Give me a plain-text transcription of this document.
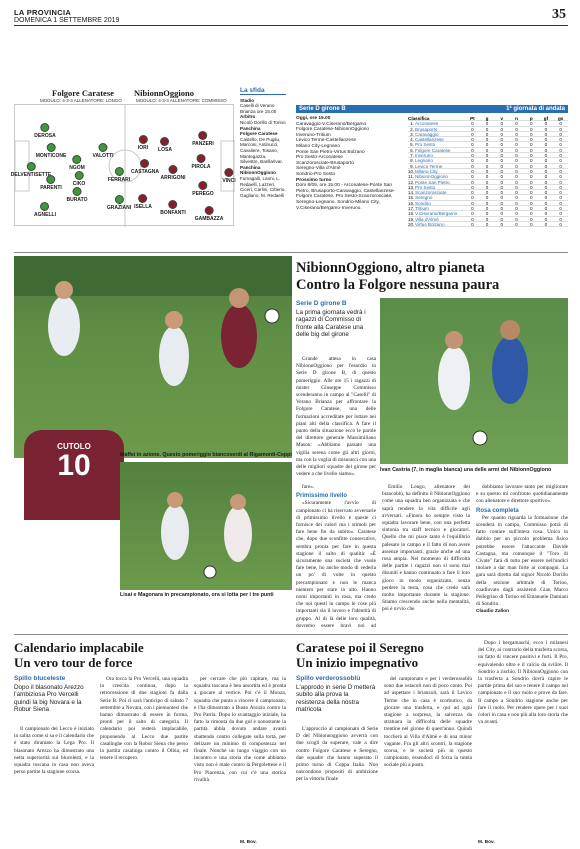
LA PROVINCIA
DOMENICA 1 SETTEMBRE 2019	35
Folgore Caratese NibionnOggiono
MODULO: 4-3-3 ALLENATORE: LONGO	MODULO: 4-3-3 ALLENATORE: COMMISSO
DEROSA
MONTICONE
NGOM
DELVENTISETTE
CIKO
PARENTI
BURATO
AGNELLI
VALOTTI
FERRARI
GRAZIANI
IORI LOSA
PANZERI
CASTAGNA
PIROLA
ARRIGONI	VINCI
PEREGO
ISELLA
BONFANTI
GAMBAZZA
La sfida
Stadio
Caselli di Verano Brianza ore 15.00
Arbitro
Nicolò Dorillo di Torino
Panchina
Folgore Caratese
Castello, De Pugliu, Marconi, Antinucci, Cavaliere, Tosano, Mantegazza, Silvestre, Barilla/Ivar.
Panchina
NibionnOggiono
Fumagalli, Lanni, L. Redaelli, Lazzeri, Ciceri, Carlini, Citterio, Gagliano, M. Redaelli
1ª giornata di andata
Serie D girone B
Oggi, ore 15.00
Caravaggio-V.Ciserano/Bergamo
Folgore Caratese-NibionnOggiono
Inveruno-Tritium
Levico Terme-Castellanzese
Milano City-Legnano
Ponte San Pietro-Virtus Bolzano
Pro Sesto-Arconatese
Scanzorosciate-Brusaporto
Seregno-Villa d'Almè
Sondrio-Pro Sesto
Prossimo turno
Dom 8/09, ore 15.00 - Arconatese-Ponte San Pietro, Brusaporto-Caravaggio, Castellanzese-Folgore Caratese, Pro Sesto-Scanzorosciate, Seregno-Legnano, Sondrio-Milano City, V.Ciserano/Bergamo-Inveruno.
Classifica	Pt	g	v	n	p	gf	gs
1. Arconatese	0	0	0	0	0	0	0
2. Brusaporto	0	0	0	0	0	0	0
3. Caravaggio	0	0	0	0	0	0	0
4. Castellanzese	0	0	0	0	0	0	0
5. Pro Sesto	0	0	0	0	0	0	0
6. Folgore Caratese	0	0	0	0	0	0	0
7. Inveruno	0	0	0	0	0	0	0
8. Legnano	0	0	0	0	0	0	0
9. Levico Terme	0	0	0	0	0	0	0
10. Milano City	0	0	0	0	0	0	0
11. NibionnOggiono	0	0	0	0	0	0	0
12. Ponte San Pietro	0	0	0	0	0	0	0
13. Pro Sesto	0	0	0	0	0	0	0
14. Scanzorosciate	0	0	0	0	0	0	0
15. Seregno	0	0	0	0	0	0	0
16. Sondrio	0	0	0	0	0	0	0
17. Tritium	0	0	0	0	0	0	0
18. V.Ciserano/Bergamo	0	0	0	0	0	0	0
19. Villa d'Almè	0	0	0	0	0	0	0
20. Virtus Bolzano	0	0	0	0	0	0	0
CUTOLO
10	Maffei in azione. Questo pomeriggio biancoverdi al Rigamonti-Ceppi
Lisai e Magonara in precampionato, ora si lotta per i tre punti
NibionnOggiono, altro pianeta
Contro la Folgore nessuna paura
Serie D girone B
La prima giornata vedrà i ragazzi di Commisso di fronte alla Caratese una delle big del girone
Ivan Castria (7, in maglia bianca) una delle armi del NibionnOggiono

Grande attesa in casa NibionnOggiono per l'esordio in Serie D girone B, di questo pomeriggio. Alle ore 15 i ragazzi di mister Giuseppe Commisso scenderanno in campo al "Caselli" di Verano Brianza per affrontare la Folgore Caratese, una delle formazioni accreditate per lottare nei piani alti della classifica. A fare il punto della situazione ecco le parole del direttore generale Massimiliano Mason: «Abbiamo passato una vigilia serena come gli altri giorni, ma con la voglia di misurarci con una delle migliori squadre del girone per vedere a che livello siamo».

fare».

Primissimo livello

«Sicuramente l'avvio di campionato ci ha riservato avversarie di primissimo livello e queste ci fornisce dei valori ma i stimoli per fare bene fin da subito». Caratese che, dopo due sconfitte consecutive, sembra pronta per fare in questa stagione il salto di qualità: «È sicuramente una società che vuole fare bene, ho anche modo di vederla un po' di volte in questo precampionato e non le manca nientem per stare in alto. Hanno nomi importanti in rosa, ma credo che noi questi in campo le cose più importanti sia il lavoro e l'identità di gruppo. Al di là delle loro qualità, dovremo essere bravi noi ad

Emilio Longo, allenatore dei biancoblù, ha definito il NibionnOggiono come una squadra ben organizzata e che saprà rendere la vita difficile agli avversari. «Finora ho sempre visto la squadra lavorare bene, con una perfetta sintonia tra staff tecnico e giocatori. Quello che mi piace tanto è l'equilibrio palesato in campo e il fatto di non avere assenze importanti, grazie anche ad una rosa ampia. Nel momento di difficoltà delle partite i ragazzi non si sono mai disuniti e hanno continuato a fare il loro gioco in modo organizzato, senza perdere la testa, cosa che credo sarà molto importante durante la stagione. Stiamo crescendo anche nella mentalità, poi è ovvio che

dobbiamo lavorare tanto per migliorare e su questo mi confronto quotidianamente con allenatore e direttore sportivo».

Rosa completa

Per quanto riguarda la formazione che scenderà in campo, Commisso potrà di fatto contare sull'intera rosa. Unico in dubbio per un piccolo problema fisico potrebbe essere l'attaccante Davide Castagna, ma comunque il "Toro di Civate" farà di tutto per essere nell'undici titolare a dar man forte ai compagni. La gara sarà diretta dal signor Nicolò Dorillo della sezione arbitrale di Torino, coadiuvato dagli assistenti Gian Marco Pellegrino di Torino ed Emanuele Damiani di Sondrio.

Claudio Zallon
Calendario implacabile
Un vero tour de force
Spillo bluceleste
Dopo il blasonato Arezzo l'ambiziosa Pro Vercelli quindi la big Novara e la Robur Siena

Il campionato del Lecco è iniziato in salita come si sa e il calendario che è stato diramato la Lega Pro. Il blasonato Arezzo ha dimostrato una netta superiorità sui blucelesti, e la squadra toscana in casa non aveva perso partite la stagione scorsa.

Ora tocca la Pro Vercelli, una squadra in crescita continua, dopo la retrocessione di due stagioni fa dalla Serie B. Poi ci sarà l'anticipo di sabato 7 settembre a Novara, con i piemontesi che hanno dimostrato di essere in forma, pronti per il salto di categoria. Il calendario poi resterà implacabile, proponendo al Lecco due partite casalinghe con la Robur Siena che perso la partita casalinga contro il Olbia, ed tenere il recupero.

per cercare che più capitare, ma la squadra toscana è ben assortita ed è pronta a giocare al vertice. Poi c'è il Monza, squadra che punta a vincere il campionato, e l'ha dimostrato a Busto Arsizio contro la Pro Patria. Dopo lo svantaggio iniziale, ha fatto la rimonta da due gol e nonostante la partita abbia dovuto andare avanti sbattendo contro collegate sulla torta, per delizare un minimo di compostezza nel finale. Nonché un lungo viaggio con un incontro e una storia che come abbiamo visto non è male contro la Pergolettese e il Pro Piacenza, con cui c'è una storica rivalità.

M. Bov.
Caratese poi il Seregno
Un inizio impegnativo
Spillo verderossoblù
L'approdo in serie D metterà subito alla prova la resistenza della nostra matricola

L'approccio al campionato di Serie D del Nibionnoggiono avverrà con due scogli da superare, vale a dire contro Folgore Caratese e Seregno, due squadre che hanno superato il primo turno di Coppa Italia. Non nascondono propositi di ambizione per la vittoria finale

del campionato e per i verderossoblù sono due ostacoli non di poco conto. Poi ad aspettare i brianzoli, sarà il Levico Terme che in casa è scorbutico, da giocare una trasferta, e qui ad ogni stagione a sorpresa, la salvezza da stratuara la difficoltà delle squadre trentine nel girone di quest'anno. Quindi toccherà al Villa d'Almè e di una minor vagante. Fra gli altri scontri, la stagione scorsa, e le società più in questo campionato, essendoci di forza la tutela sociale più a posto.

Dopo i bergamaschi, ecco i milanesi del City, ai contrario della trasferta scorsa, un fatto di vincere positivi e forti. Il Pro, equivalendo oltre e il calcio da svilire. Il Sondrio a rischio. Il NibionnOggiono con la trasferta a Sondrio dovrà capire le partite prima del suo e tenere il campo nel campionato e il suo ruolo e prove da fare. Il campo a Sondrio stagione anche per fare il ruolo. Per rendere opere per i suoi colori in casa e non più alla loro storia che va avanti.

M. Bov.
